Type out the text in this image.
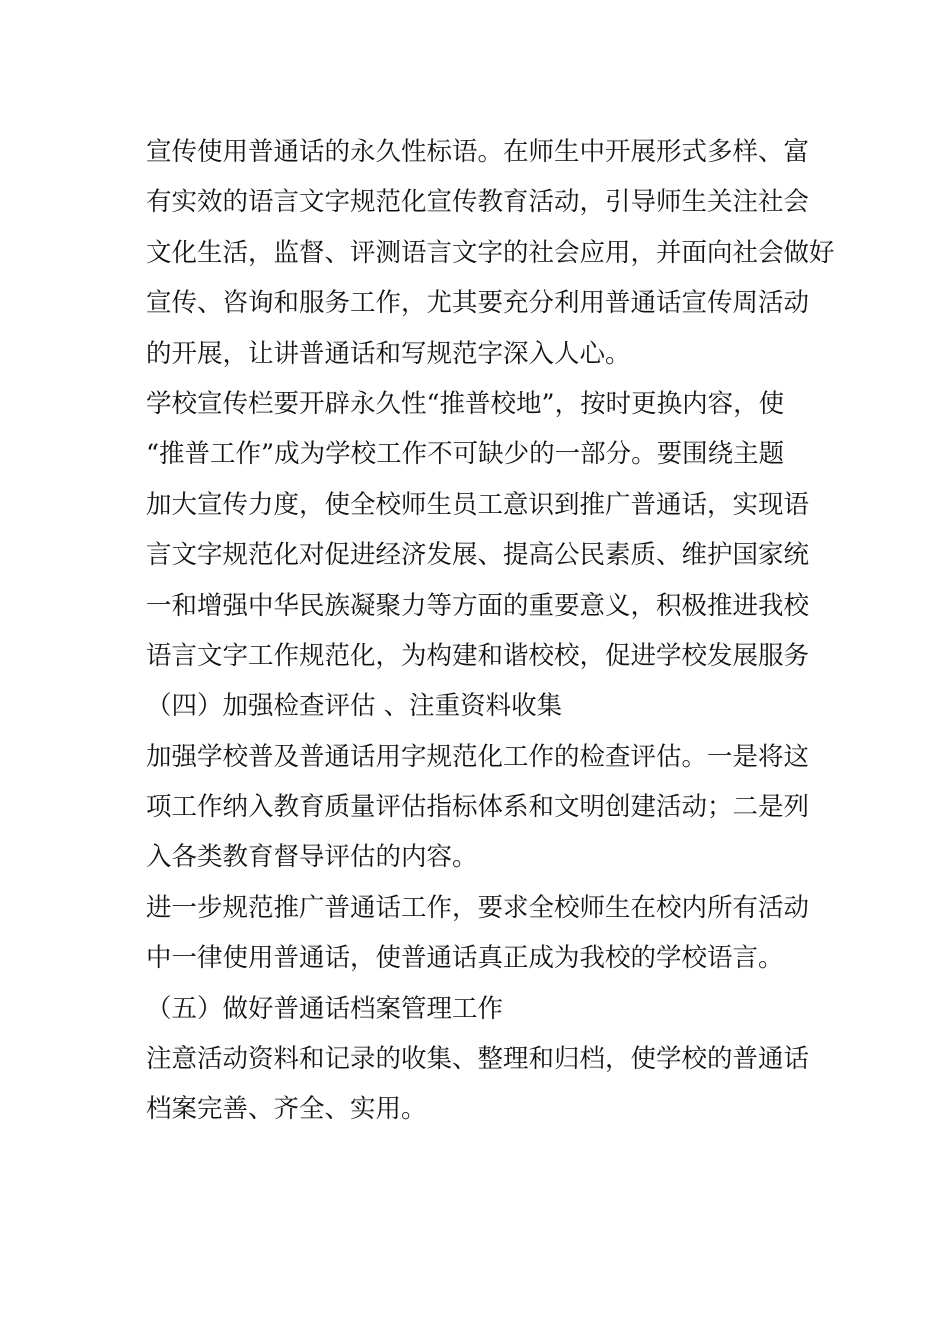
宣传使用普通话的永久性标语。在师生中开展形式多样、富
有实效的语言文字规范化宣传教育活动，引导师生关注社会
文化生活，监督、评测语言文字的社会应用，并面向社会做好
宣传、咨询和服务工作，尤其要充分利用普通话宣传周活动
的开展，让讲普通话和写规范字深入人心。
学校宣传栏要开辟永久性“推普校地”，按时更换内容，使
“推普工作”成为学校工作不可缺少的一部分。要围绕主题
加大宣传力度，使全校师生员工意识到推广普通话，实现语
言文字规范化对促进经济发展、提高公民素质、维护国家统
一和增强中华民族凝聚力等方面的重要意义，积极推进我校
语言文字工作规范化，为构建和谐校校，促进学校发展服务
（四）加强检查评估 、注重资料收集
加强学校普及普通话用字规范化工作的检查评估。一是将这
项工作纳入教育质量评估指标体系和文明创建活动；二是列
入各类教育督导评估的内容。
进一步规范推广普通话工作，要求全校师生在校内所有活动
中一律使用普通话，使普通话真正成为我校的学校语言。
（五）做好普通话档案管理工作
注意活动资料和记录的收集、整理和归档，使学校的普通话
档案完善、齐全、实用。
